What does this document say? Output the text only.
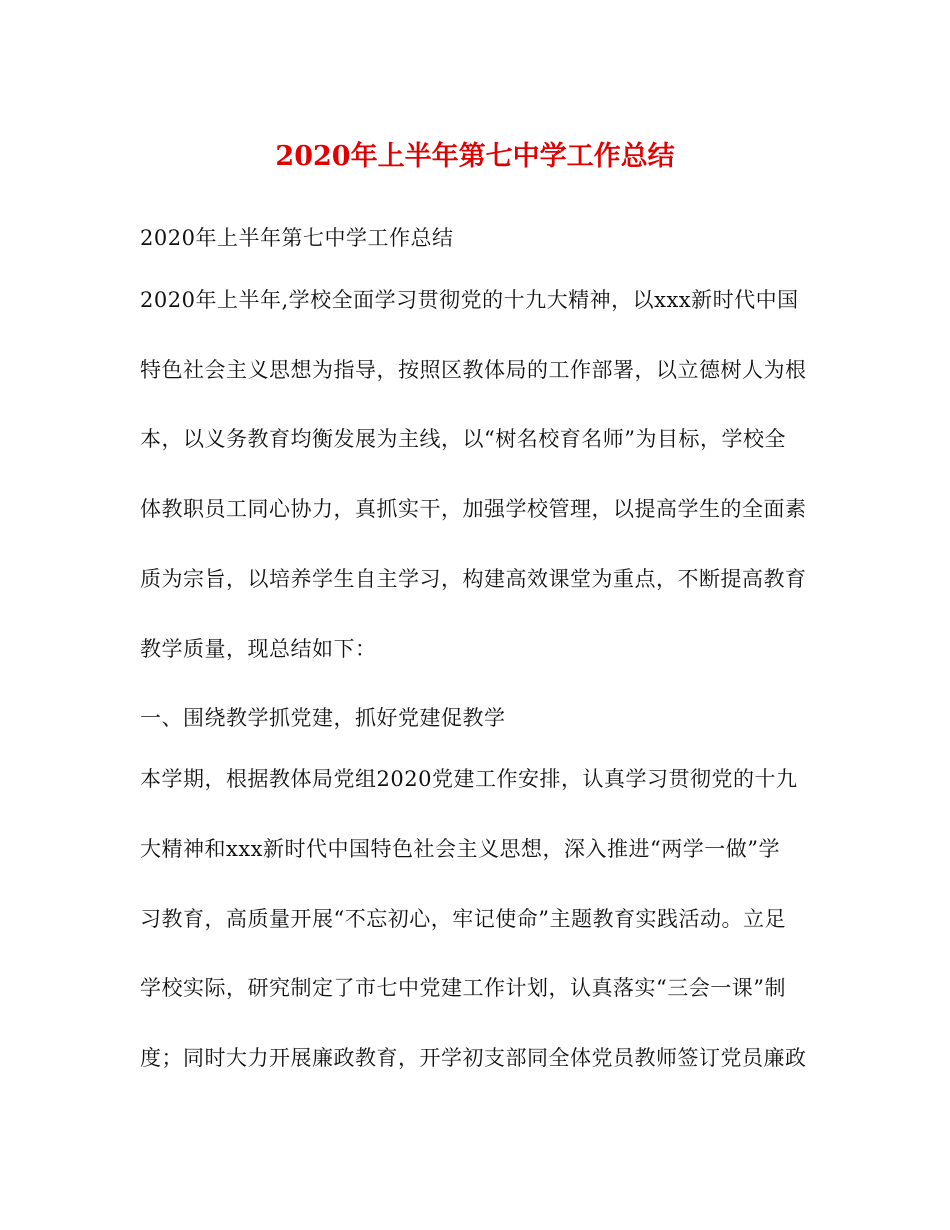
2020年上半年第七中学工作总结
2020年上半年第七中学工作总结
2020年上半年,学校全面学习贯彻党的十九大精神，以xxx新时代中国
特色社会主义思想为指导，按照区教体局的工作部署，以立德树人为根
本，以义务教育均衡发展为主线，以“树名校育名师”为目标，学校全
体教职员工同心协力，真抓实干，加强学校管理，以提高学生的全面素
质为宗旨，以培养学生自主学习，构建高效课堂为重点，不断提高教育
教学质量，现总结如下：
一、围绕教学抓党建，抓好党建促教学
本学期，根据教体局党组2020党建工作安排，认真学习贯彻党的十九
大精神和xxx新时代中国特色社会主义思想，深入推进“两学一做”学
习教育，高质量开展“不忘初心，牢记使命”主题教育实践活动。立足
学校实际，研究制定了市七中党建工作计划，认真落实“三会一课”制
度；同时大力开展廉政教育，开学初支部同全体党员教师签订党员廉政
